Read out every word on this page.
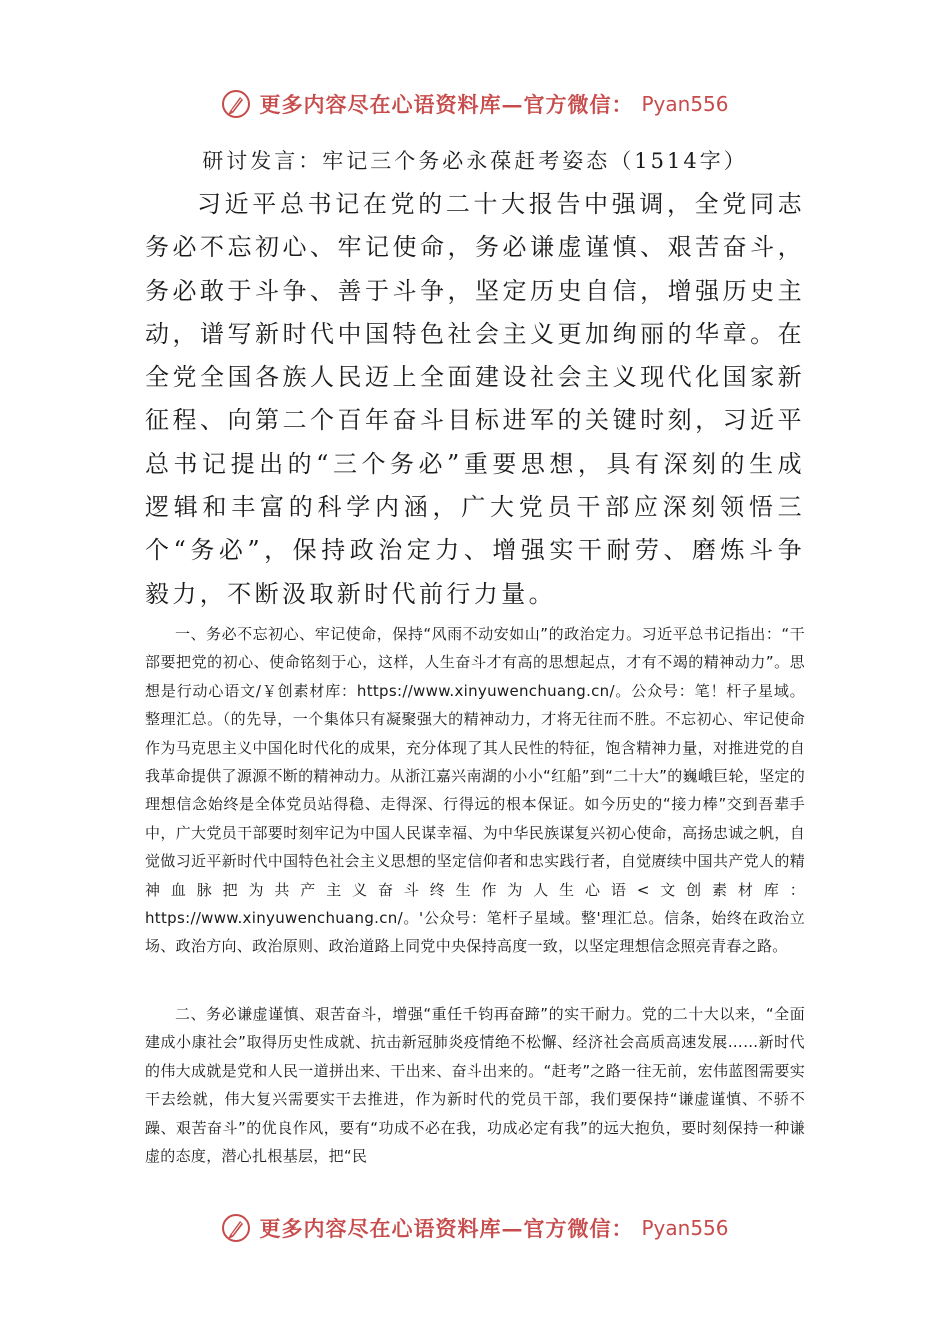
更多内容尽在心语资料库—官方微信： Pyan556
研讨发言：牢记三个务必永葆赶考姿态（1514字）

习近平总书记在党的二十大报告中强调，全党同志务必不忘初心、牢记使命，务必谦虚谨慎、艰苦奋斗，务必敢于斗争、善于斗争，坚定历史自信，增强历史主动，谱写新时代中国特色社会主义更加绚丽的华章。在全党全国各族人民迈上全面建设社会主义现代化国家新征程、向第二个百年奋斗目标进军的关键时刻，习近平总书记提出的“三个务必”重要思想，具有深刻的生成逻辑和丰富的科学内涵，广大党员干部应深刻领悟三个“务必”，保持政治定力、增强实干耐劳、磨炼斗争毅力，不断汲取新时代前行力量。

一、务必不忘初心、牢记使命，保持“风雨不动安如山”的政治定力。习近平总书记指出：“干部要把党的初心、使命铭刻于心，这样，人生奋斗才有高的思想起点，才有不竭的精神动力”。思想是行动心语文/￥创素材库：https://www.xinyuwenchuang.cn/。公众号：笔！杆子星域。整理汇总。（的先导，一个集体只有凝聚强大的精神动力，才将无往而不胜。不忘初心、牢记使命作为马克思主义中国化时代化的成果，充分体现了其人民性的特征，饱含精神力量，对推进党的自我革命提供了源源不断的精神动力。从浙江嘉兴南湖的小小“红船”到“二十大”的巍峨巨轮，坚定的理想信念始终是全体党员站得稳、走得深、行得远的根本保证。如今历史的“接力棒”交到吾辈手中，广大党员干部要时刻牢记为中国人民谋幸福、为中华民族谋复兴初心使命，高扬忠诚之帆，自觉做习近平新时代中国特色社会主义思想的坚定信仰者和忠实践行者，自觉赓续中国共产党人的精神血脉把为共产主义奋斗终生作为人生心语<文创素材库：https://www.xinyuwenchuang.cn/。'公众号：笔杆子星域。整'理汇总。信条，始终在政治立场、政治方向、政治原则、政治道路上同党中央保持高度一致，以坚定理想信念照亮青春之路。

二、务必谦虚谨慎、艰苦奋斗，增强“重任千钧再奋蹄”的实干耐力。党的二十大以来，“全面建成小康社会”取得历史性成就、抗击新冠肺炎疫情绝不松懈、经济社会高质高速发展……新时代的伟大成就是党和人民一道拼出来、干出来、奋斗出来的。“赶考”之路一往无前，宏伟蓝图需要实干去绘就，伟大复兴需要实干去推进，作为新时代的党员干部，我们要保持“谦虚谨慎、不骄不躁、艰苦奋斗”的优良作风，要有“功成不必在我，功成必定有我”的远大抱负，要时刻保持一种谦虚的态度，潜心扎根基层，把“民

更多内容尽在心语资料库—官方微信： Pyan556
